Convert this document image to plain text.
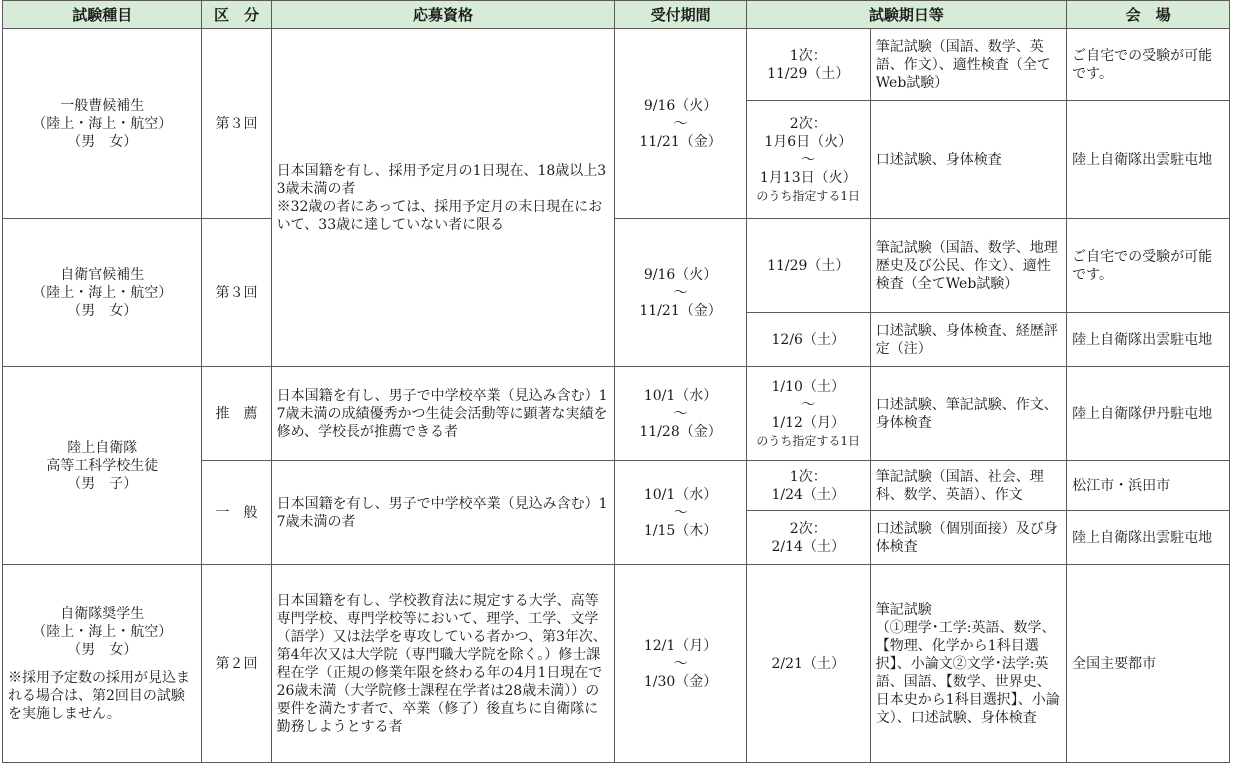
試験種目	区　分	応募資格	受付期間	試験期日等		会　場

一般曹候補生
（陸上・海上・航空）
（男　女）	第３回	日本国籍を有し、採用予定月の1日現在、18歳以上33歳未満の者
※32歳の者にあっては、採用予定月の末日現在において、33歳に達していない者に限る	9/16（火）
〜
11/21（金）	1次：
11/29（土）	筆記試験（国語、数学、英語、作文）、適性検査（全てWeb試験）	ご自宅での受験が可能です。

				2次：
1月6日（火）
〜
1月13日（火）
のうち指定する1日	口述試験、身体検査	陸上自衛隊出雲駐屯地

自衛官候補生
（陸上・海上・航空）
（男　女）	第３回		9/16（火）
〜
11/21（金）	11/29（土）	筆記試験（国語、数学、地理歴史及び公民、作文）、適性検査（全てWeb試験）	ご自宅での受験が可能です。
				12/6（土）	口述試験、身体検査、経歴評定（注）	陸上自衛隊出雲駐屯地

陸上自衛隊
高等工科学校生徒
（男　子）	推　薦	日本国籍を有し、男子で中学校卒業（見込み含む）17歳未満の成績優秀かつ生徒会活動等に顕著な実績を修め、学校長が推薦できる者	10/1（水）
〜
11/28（金）	1/10（土）
〜
1/12（月）
のうち指定する1日	口述試験、筆記試験、作文、身体検査	陸上自衛隊伊丹駐屯地
	一　般	日本国籍を有し、男子で中学校卒業（見込み含む）17歳未満の者	10/1（水）
〜
1/15（木）	1次：
1/24（土）	筆記試験（国語、社会、理科、数学、英語）、作文	松江市・浜田市

				2次：
2/14（土）	口述試験（個別面接）及び身体検査	陸上自衛隊出雲駐屯地

自衛隊奨学生
（陸上・海上・航空）
（男　女）
※採用予定数の採用が見込まれる場合は、第2回目の試験を実施しません。	第２回	日本国籍を有し、学校教育法に規定する大学、高等専門学校、専門学校等において、理学、工学、文学（語学）又は法学を専攻している者かつ、第3年次、第4年次又は大学院（専門職大学院を除く。）修士課程在学（正規の修業年限を終わる年の4月1日現在で26歳未満（大学院修士課程在学者は28歳未満））の要件を満たす者で、卒業（修了）後直ちに自衛隊に勤務しようとする者	12/1（月）
〜
1/30（金）	2/21（土）	筆記試験
（①理学･工学:英語、数学、【物理、化学から1科目選択】、小論文②文学･法学:英語、国語、【数学、世界史、日本史から1科目選択】、小論文）、口述試験、身体検査	全国主要都市
